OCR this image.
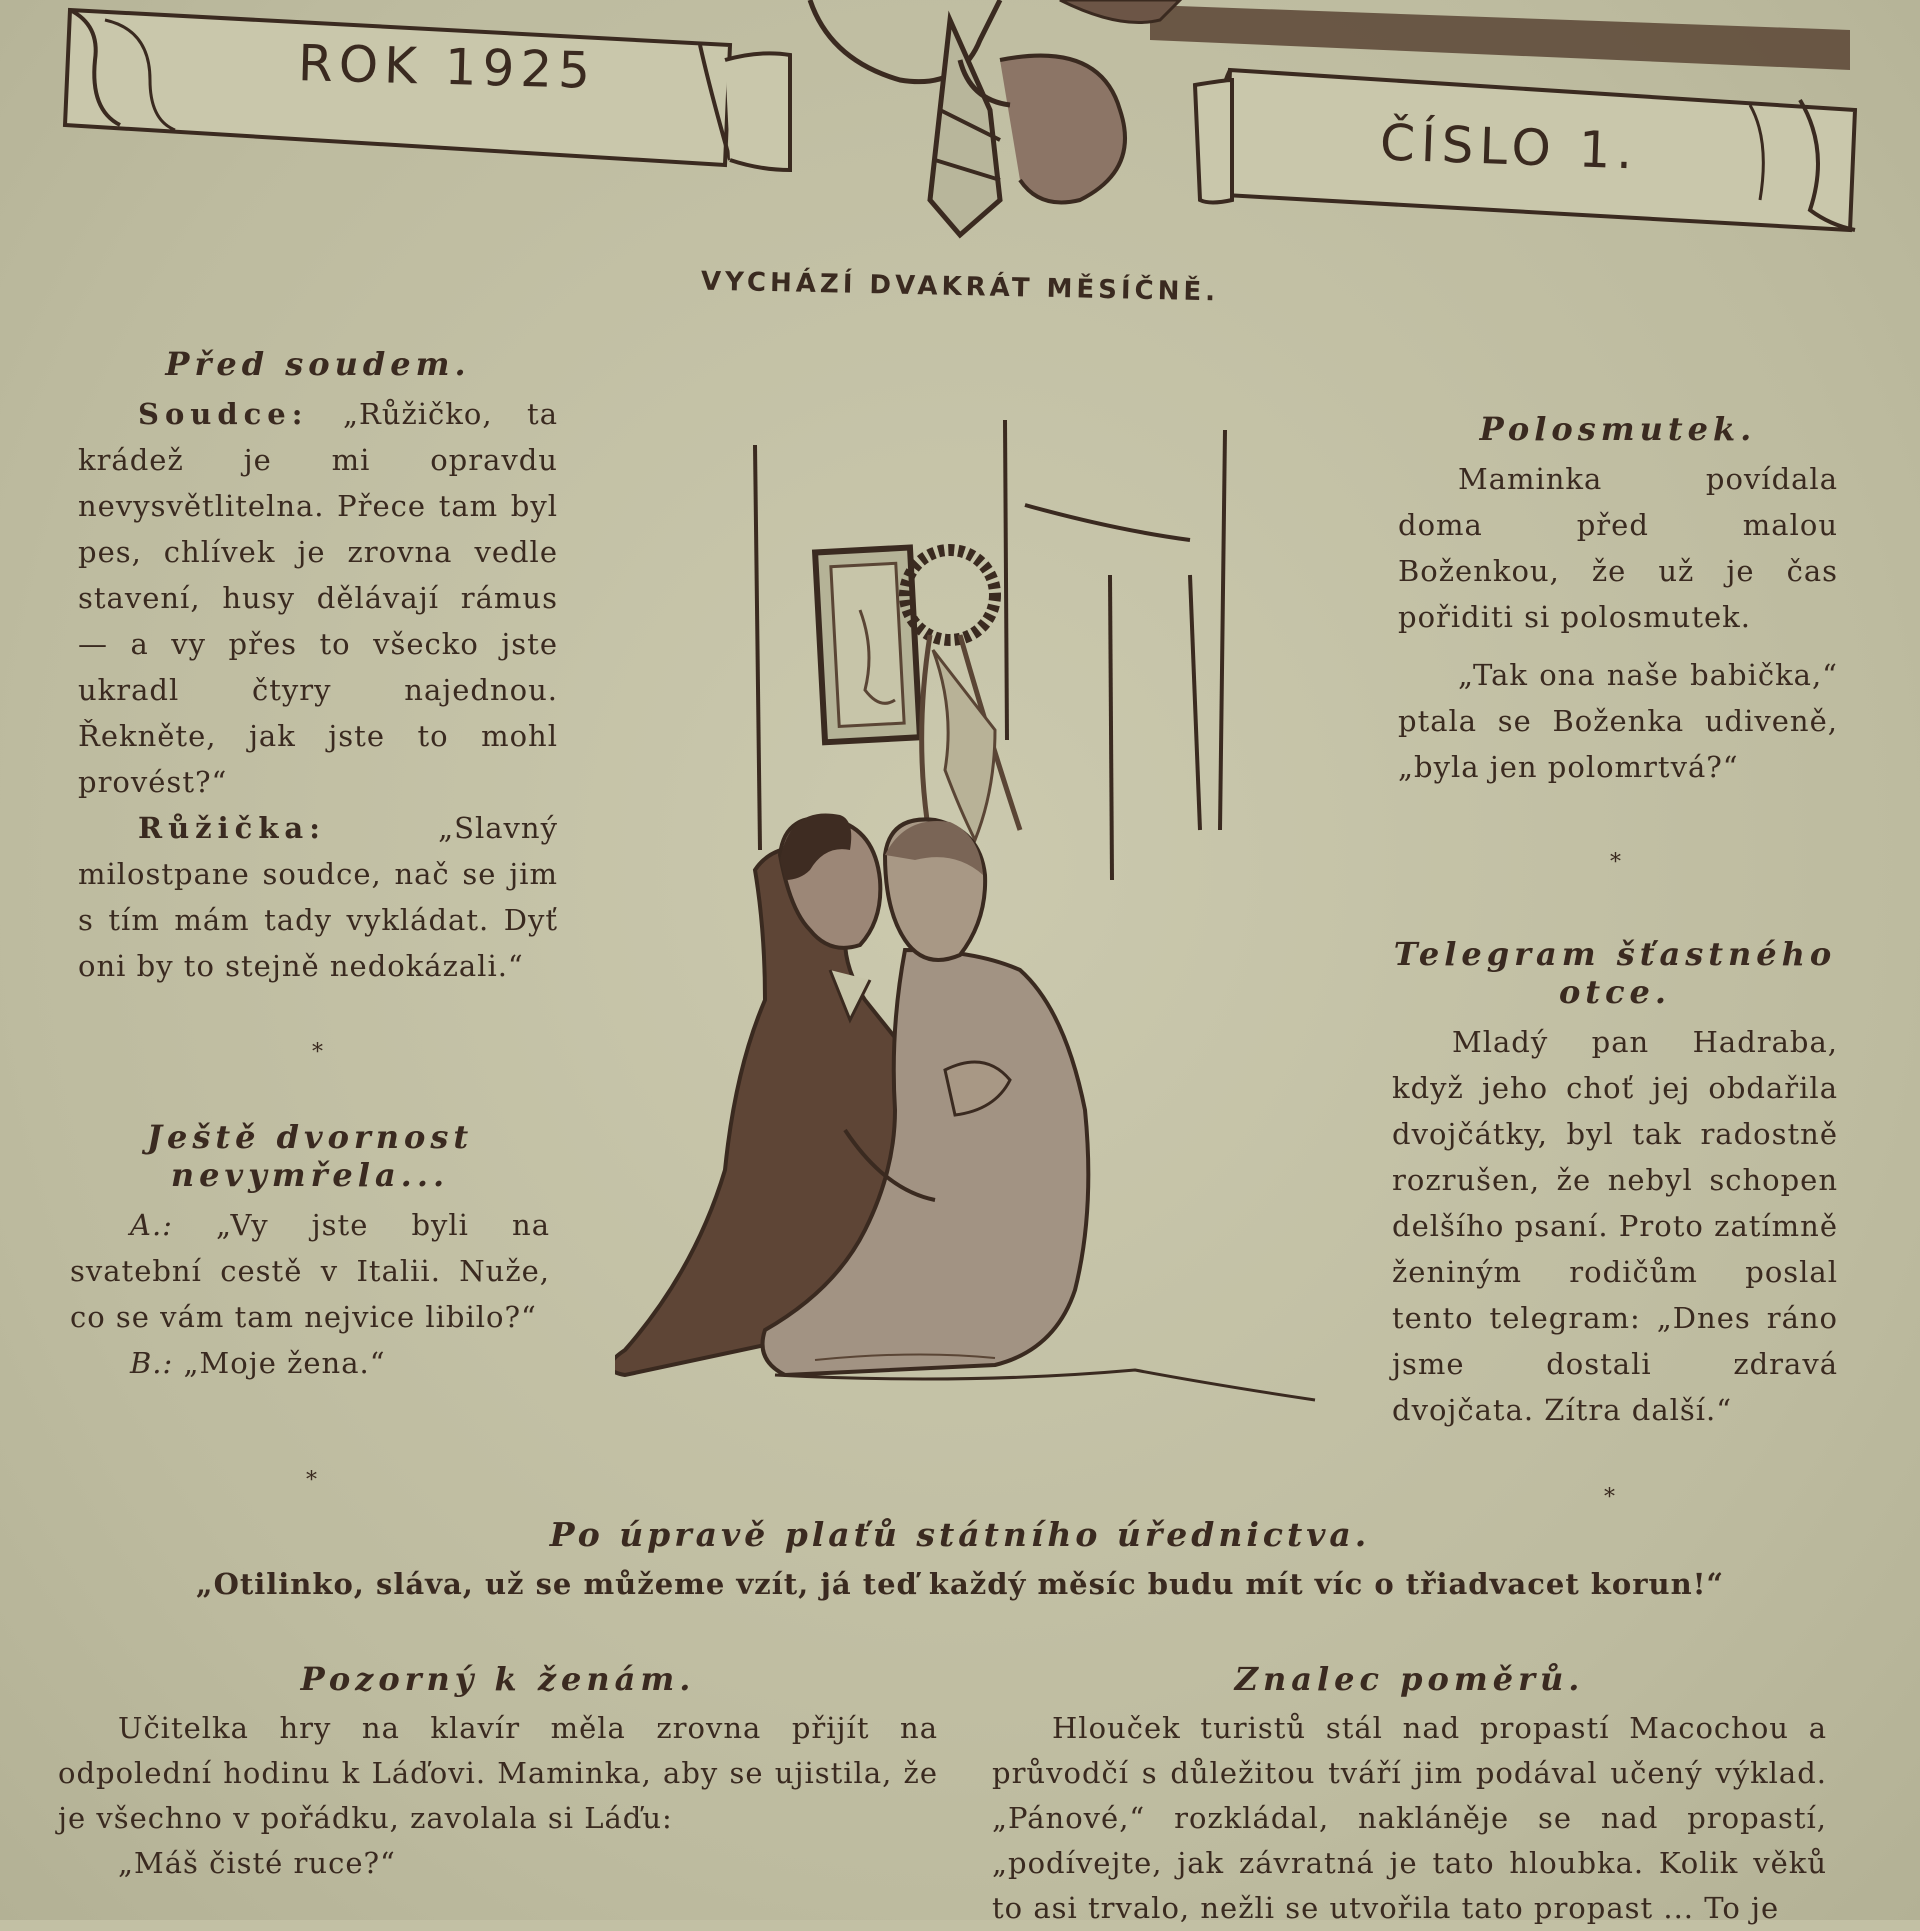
ROK 1925
ČÍSLO 1.
VYCHÁZÍ DVAKRÁT MĚSÍČNĚ.
Před soudem.

Soudce: „Růžičko, ta krádež je mi opravdu nevysvětlitelna. Přece tam byl pes, chlívek je zrovna vedle stavení, husy dělávají rámus — a vy přes to všecko jste ukradl čtyry najednou. Řekněte, jak jste to mohl provést?“

Růžička: „Slavný milostpane soudce, nač se jim s tím mám tady vykládat. Dyť oni by to stejně nedokázali.“

*
Ještě dvornost nevymřela...

A.: „Vy jste byli na svatební cestě v Italii. Nuže, co se vám tam nejvice libilo?“

B.: „Moje žena.“

*
Polosmutek.

Maminka povídala doma před malou Boženkou, že už je čas pořiditi si polosmutek.

„Tak ona naše babička,“ ptala se Boženka udiveně, „byla jen polomrtvá?“

*
Telegram šťastného otce.

Mladý pan Hadraba, když jeho choť jej obdařila dvojčátky, byl tak radostně rozrušen, že nebyl schopen delšího psaní. Proto zatímně ženiným rodičům poslal tento telegram: „Dnes ráno jsme dostali zdravá dvojčata. Zítra další.“

*
Po úpravě plaťů státního úřednictva.
„Otilinko, sláva, už se můžeme vzít, já teď každý měsíc budu mít víc o třiadvacet korun!“
Pozorný k ženám.

Učitelka hry na klavír měla zrovna přijít na odpolední hodinu k Láďovi. Maminka, aby se ujistila, že je všechno v pořádku, zavolala si Láďu:

„Máš čisté ruce?“

Znalec poměrů.

Hlouček turistů stál nad propastí Macochou a průvodčí s důležitou tváří jim podával učený výklad. „Pánové,“ rozkládal, nakláněje se nad propastí, „podívejte, jak závratná je tato hloubka. Kolik věků to asi trvalo, nežli se utvořila tato propast ... To je
